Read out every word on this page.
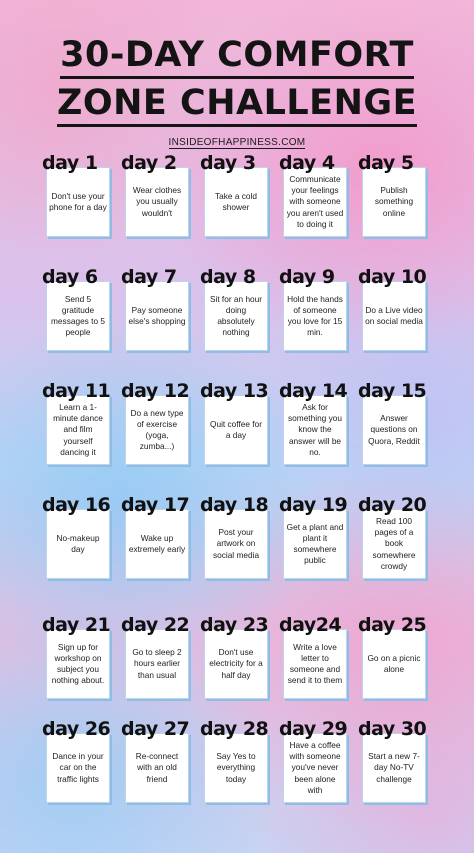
30-DAY COMFORT
ZONE CHALLENGE
INSIDEOFHAPPINESS.COM
day 1
Don't use your phone for a day
day 2
Wear clothes you usually wouldn't
day 3
Take a cold shower
day 4
Communicate your feelings with someone you aren't used to doing it
day 5
Publish something online
day 6
Send 5 gratitude messages to 5 people
day 7
Pay someone else's shopping
day 8
Sit for an hour doing absolutely nothing
day 9
Hold the hands of someone you love for 15 min.
day 10
Do a Live video on social media
day 11
Learn a 1-minute dance and film yourself dancing it
day 12
Do a new type of exercise (yoga, zumba...)
day 13
Quit coffee for a day
day 14
Ask for something you know the answer will be no.
day 15
Answer questions on Quora, Reddit
day 16
No-makeup day
day 17
Wake up extremely early
day 18
Post your artwork on social media
day 19
Get a plant and plant it somewhere public
day 20
Read 100 pages of a book somewhere crowdy
day 21
Sign up for workshop on subject you nothing about.
day 22
Go to sleep 2 hours earlier than usual
day 23
Don't use electricity for a half day
day24
Write a love letter to someone and send it to them
day 25
Go on a picnic alone
day 26
Dance in your car on the traffic lights
day 27
Re-connect with an old friend
day 28
Say Yes to everything today
day 29
Have a coffee with someone you've never been alone with
day 30
Start a new 7-day No-TV challenge
